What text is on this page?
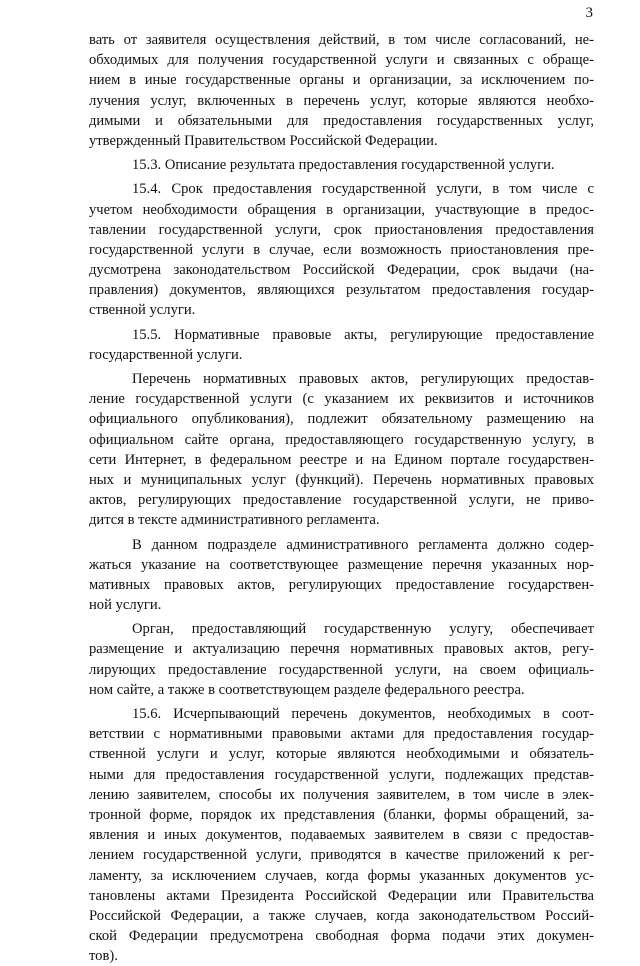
3
вать от заявителя осуществления действий, в том числе согласований, не-
обходимых для получения государственной услуги и связанных с обраще-
нием в иные государственные органы и организации, за исключением по-
лучения услуг, включенных в перечень услуг, которые являются необхо-
димыми и обязательными для предоставления государственных услуг,
утвержденный Правительством Российской Федерации.
15.3. Описание результата предоставления государственной услуги.
15.4. Срок предоставления государственной услуги, в том числе с
учетом необходимости обращения в организации, участвующие в предос-
тавлении государственной услуги, срок приостановления предоставления
государственной услуги в случае, если возможность приостановления пре-
дусмотрена законодательством Российской Федерации, срок выдачи (на-
правления) документов, являющихся результатом предоставления государ-
ственной услуги.
15.5. Нормативные правовые акты, регулирующие предоставление
государственной услуги.
Перечень нормативных правовых актов, регулирующих предостав-
ление государственной услуги (с указанием их реквизитов и источников
официального опубликования), подлежит обязательному размещению на
официальном сайте органа, предоставляющего государственную услугу, в
сети Интернет, в федеральном реестре и на Едином портале государствен-
ных и муниципальных услуг (функций). Перечень нормативных правовых
актов, регулирующих предоставление государственной услуги, не приво-
дится в тексте административного регламента.
В данном подразделе административного регламента должно содер-
жаться указание на соответствующее размещение перечня указанных нор-
мативных правовых актов, регулирующих предоставление государствен-
ной услуги.
Орган, предоставляющий государственную услугу, обеспечивает
размещение и актуализацию перечня нормативных правовых актов, регу-
лирующих предоставление государственной услуги, на своем официаль-
ном сайте, а также в соответствующем разделе федерального реестра.
15.6. Исчерпывающий перечень документов, необходимых в соот-
ветствии с нормативными правовыми актами для предоставления государ-
ственной услуги и услуг, которые являются необходимыми и обязатель-
ными для предоставления государственной услуги, подлежащих представ-
лению заявителем, способы их получения заявителем, в том числе в элек-
тронной форме, порядок их представления (бланки, формы обращений, за-
явления и иных документов, подаваемых заявителем в связи с предостав-
лением государственной услуги, приводятся в качестве приложений к рег-
ламенту, за исключением случаев, когда формы указанных документов ус-
тановлены актами Президента Российской Федерации или Правительства
Российской Федерации, а также случаев, когда законодательством Россий-
ской Федерации предусмотрена свободная форма подачи этих докумен-
тов).
